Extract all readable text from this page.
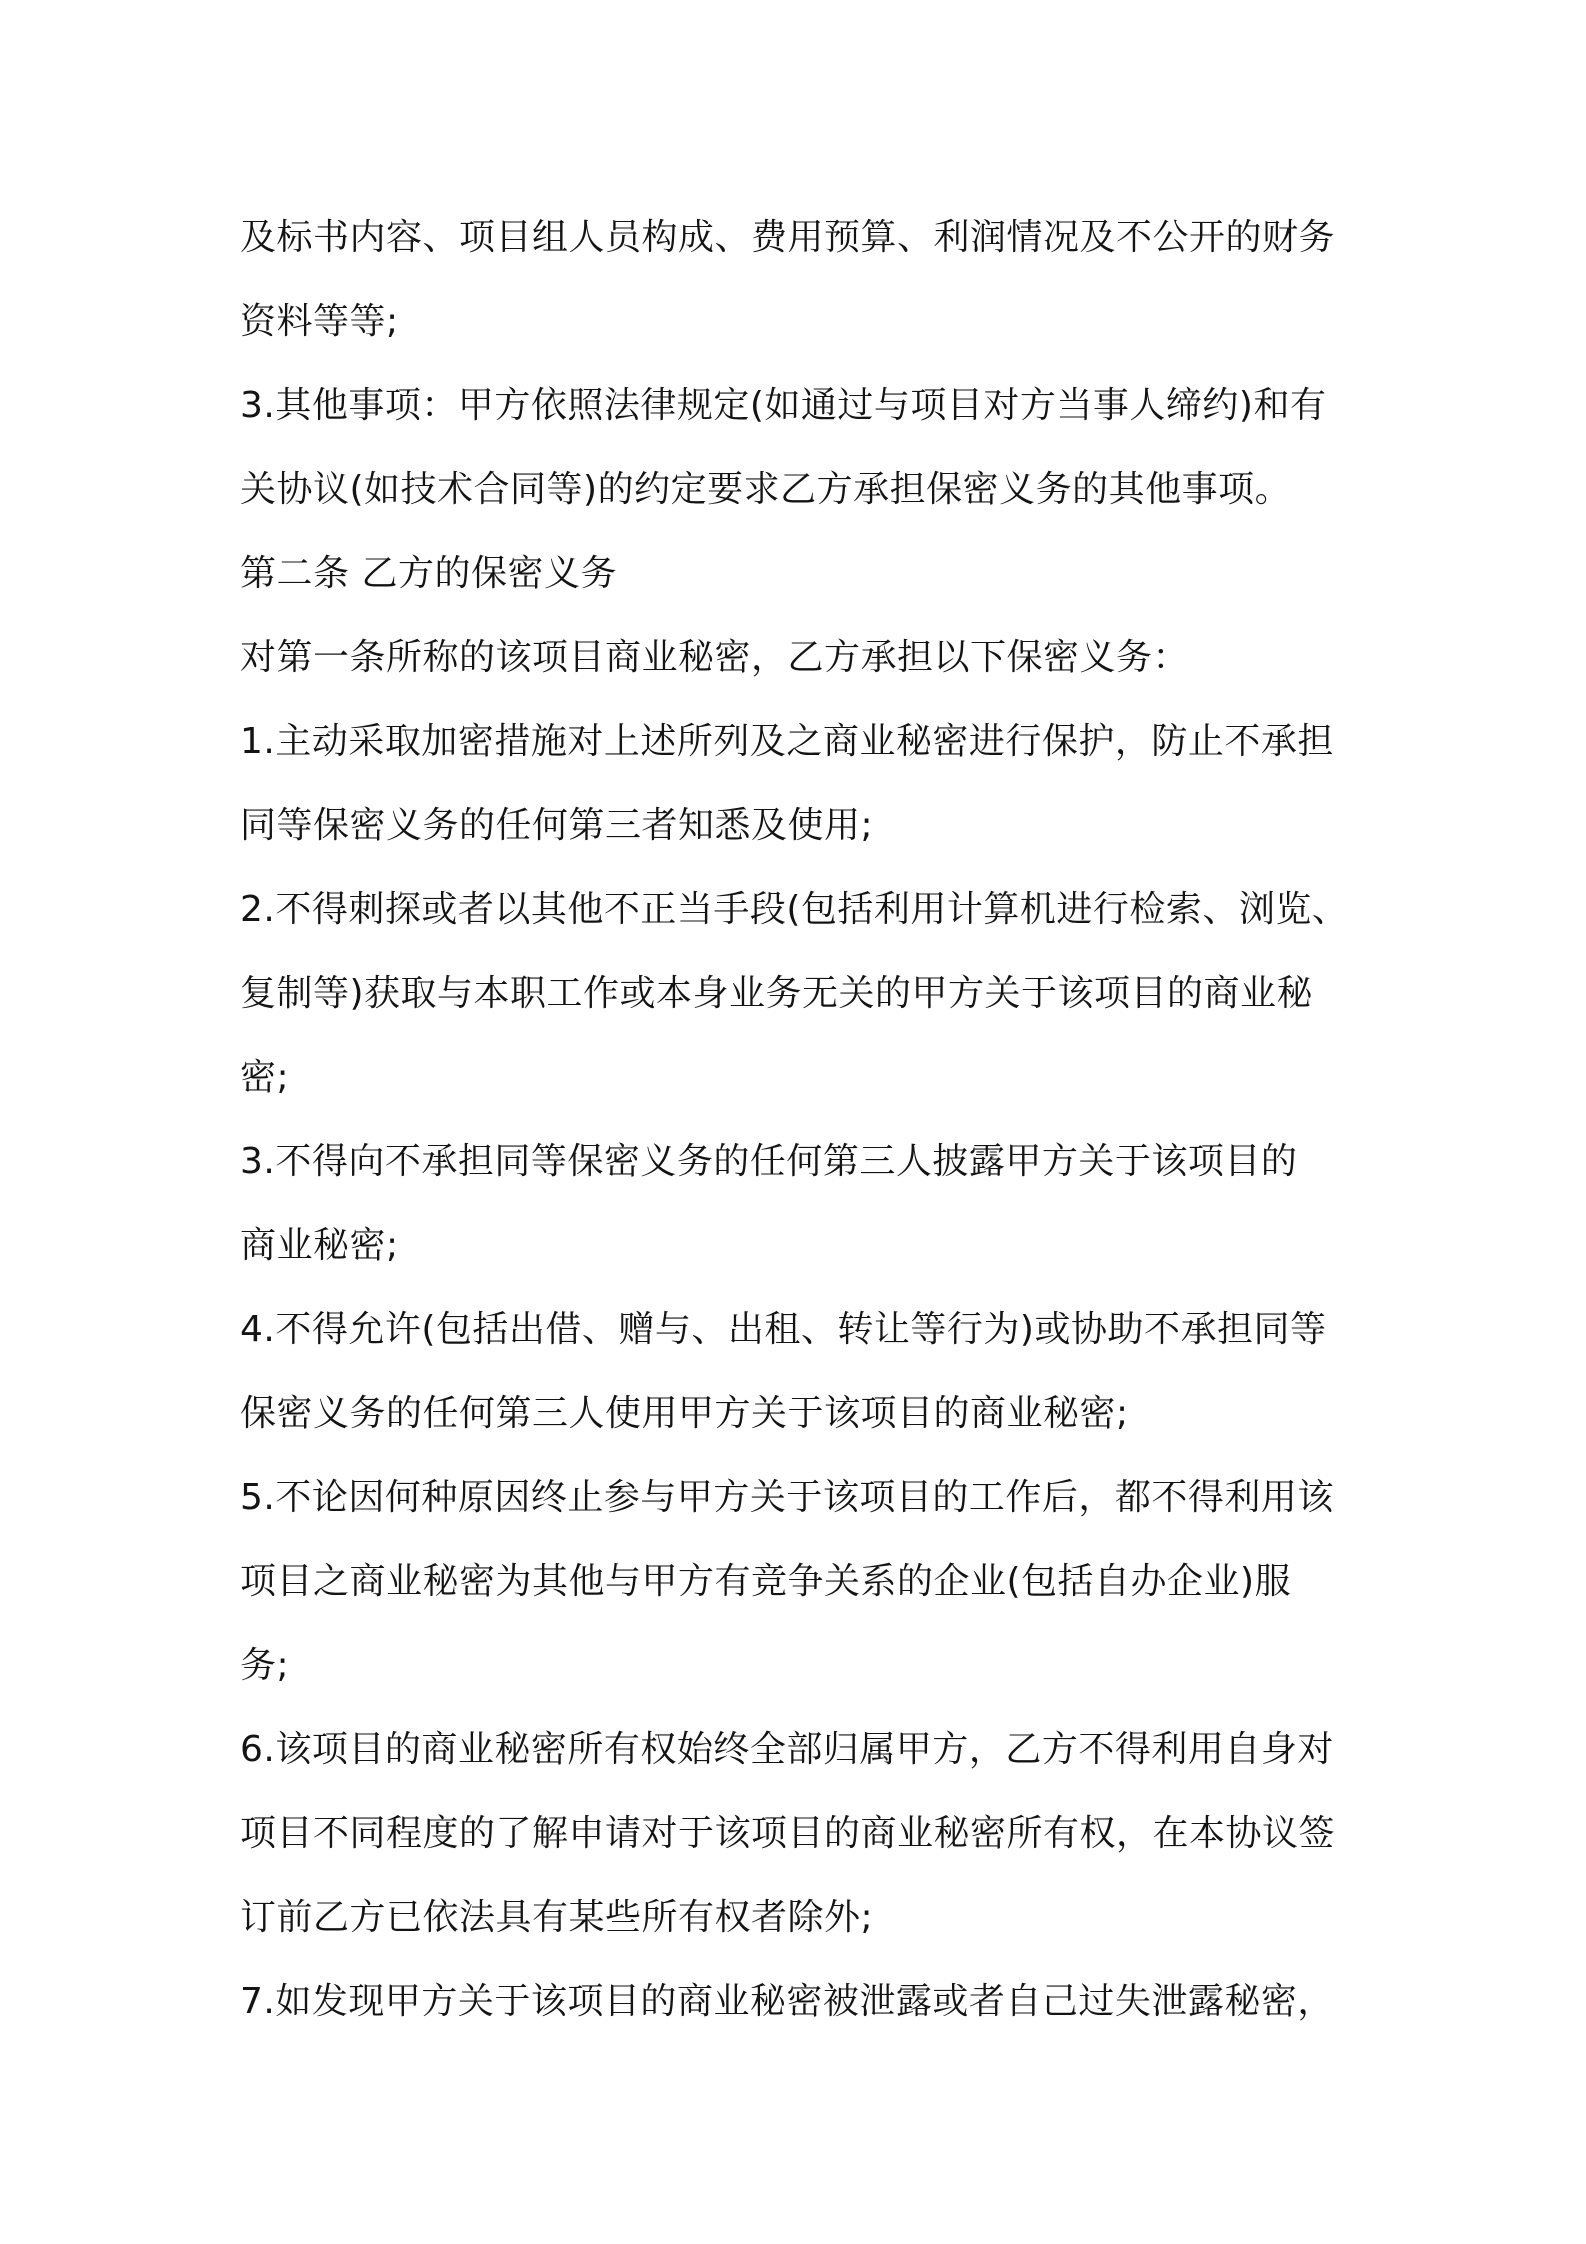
及标书内容、项目组人员构成、费用预算、利润情况及不公开的财务
资料等等;
3.其他事项：甲方依照法律规定(如通过与项目对方当事人缔约)和有
关协议(如技术合同等)的约定要求乙方承担保密义务的其他事项。
第二条 乙方的保密义务
对第一条所称的该项目商业秘密，乙方承担以下保密义务：
1.主动采取加密措施对上述所列及之商业秘密进行保护，防止不承担
同等保密义务的任何第三者知悉及使用;
2.不得刺探或者以其他不正当手段(包括利用计算机进行检索、浏览、
复制等)获取与本职工作或本身业务无关的甲方关于该项目的商业秘
密;
3.不得向不承担同等保密义务的任何第三人披露甲方关于该项目的
商业秘密;
4.不得允许(包括出借、赠与、出租、转让等行为)或协助不承担同等
保密义务的任何第三人使用甲方关于该项目的商业秘密;
5.不论因何种原因终止参与甲方关于该项目的工作后，都不得利用该
项目之商业秘密为其他与甲方有竞争关系的企业(包括自办企业)服
务;
6.该项目的商业秘密所有权始终全部归属甲方，乙方不得利用自身对
项目不同程度的了解申请对于该项目的商业秘密所有权，在本协议签
订前乙方已依法具有某些所有权者除外;
7.如发现甲方关于该项目的商业秘密被泄露或者自己过失泄露秘密，
